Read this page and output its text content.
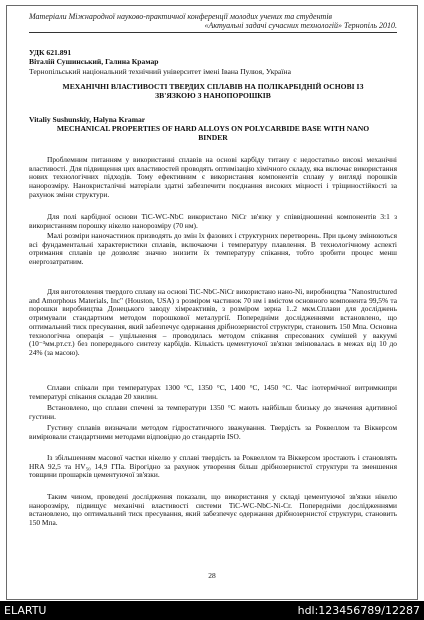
Матеріали Міжнародної науково-практичної конференції молодих учених та студентів
«Актуальні задачі сучасних технологій» Тернопіль 2010.
УДК 621.891
Віталій Сушинський, Галина Крамар
Тернопільський національний технічний університет імені Івана Пулюя, Україна
МЕХАНІЧНІ ВЛАСТИВОСТІ ТВЕРДИХ СПЛАВІВ НА ПОЛІКАРБІДНІЙ ОСНОВІ ІЗ ЗВ'ЯЗКОЮ З НАНОПОРОШКІВ
Vitaliy Sushunskiy, Halyna Kramar
MECHANICAL PROPERTIES OF HARD ALLOYS ON POLYCARBIDE BASE WITH NANO BINDER
Проблемним питанням у використанні сплавів на основі карбіду титану є недостатньо високі механічні властивості. Для підвищення цих властивостей проводять оптимізацію хімічного складу, яка включає використання нових технологічних підходів. Тому ефективним є використання компонентів сплаву у вигляді порошків нанорозміру. Нанокристалічні матеріали здатні забезпечити поєднання високих міцності і тріщиностійкості за рахунок зміни структури.
Для полі карбідної основи TiC-WC-NbC використано NiCr зв'язку у співвідношенні компонентів 3:1 з використанням порошку нікелю нанорозміру (70 нм).
Малі розміри наночастинок призводять до змін їх фазових і структурних перетворень. При цьому змінюються всі фундаментальні характеристики сплавів, включаючи і температуру плавлення. В технологічному аспекті отримання сплавів це дозволяє значно знизити їх температуру спікання, тобто зробити процес менш енергозатратним.
Для виготовлення твердого сплаву на основі TiC-NbC-NiCr використано нано-Ni, виробництва "Nanostructured and Amorphous Materials, Inc" (Houston, USA) з розміром частинок 70 нм і вмістом основного компонента 99,5% та порошки виробництва Донецького заводу хімреактивів, з розміром зерна 1..2 мкм.Сплави для досліджень отримували стандартним методом порошкової металургії. Попередніми дослідженнями встановлено, що оптимальний тиск пресування, який забезпечує одержання дрібнозернистої структури, становить 150 Мпа. Основна технологічна операція – ущільнення – проводилась методом спікання спресованих сумішей у вакуумі (10⁻³мм.рт.ст.) без попереднього синтезу карбідів. Кількість цементуючої зв'язки змінювалась в межах від 10 до 24% (за масою).
Сплави спікали при температурах 1300 °С, 1350 °С, 1400 °С, 1450 °С. Час ізотермічної витримкипри температурі спікання складав 20 хвилин.
Встановлено, що сплави спечені за температури 1350 °С мають найбільш близьку до значення адитивної густини.
Густину сплавів визначали методом гідростатичного зважування. Твердість за Роквеллом та Віккерсом вимірювали стандартними методами відповідно до стандартів ISO.
Із збільшенням масової частки нікелю у сплаві твердість за Роквеллом та Віккерсом зростають і становлять HRA 92,5 та HV₅₀ 14,9 ГПа. Вірогідно за рахунок утворення більш дрібнозернистої структури та зменшення товщини прошарків цементуючої зв'язки.
Таким чином, проведені дослідження показали, що використання у складі цементуючої зв'язки нікелю нанорозміру, підвищує механічні властивості системи TiC-WC-NbC-Ni-Cr. Попередніми дослідженнями встановлено, що оптимальний тиск пресування, який забезпечує одержання дрібнозернистої структури, становить 150 Мпа.
28
ELARTU	hdl:123456789/12287
